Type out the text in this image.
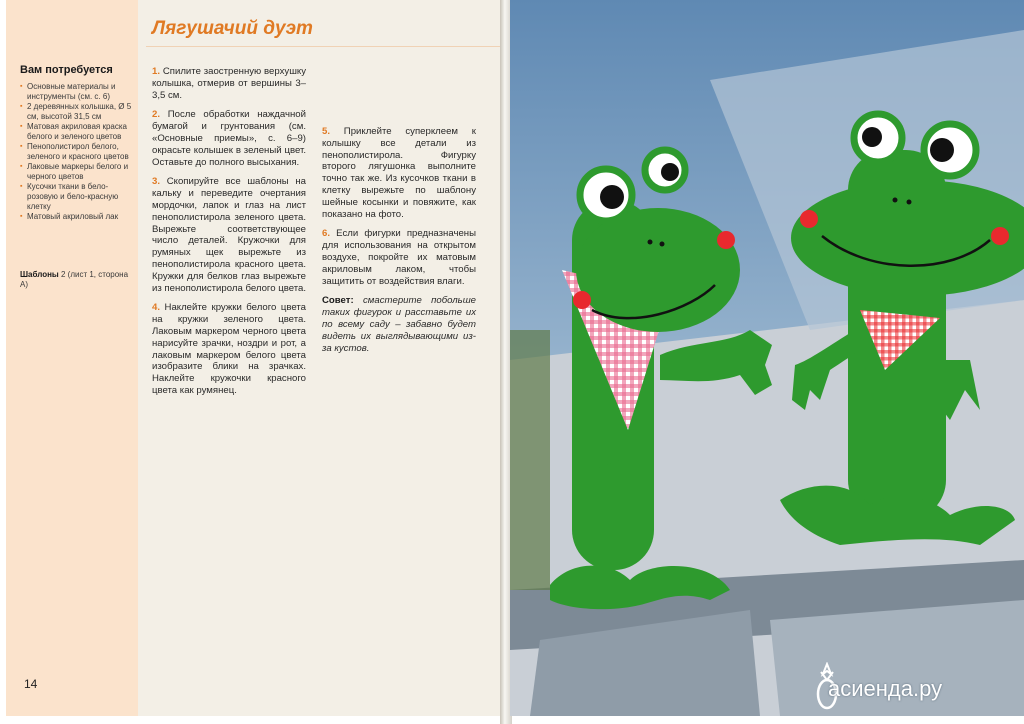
Вам потребуется
▪ Основные материалы и инструменты (см. с. 6)
▪ 2 деревянных колышка, Ø 5 см, высотой 31,5 см
▪ Матовая акриловая краска белого и зеленого цветов
▪ Пенополистирол белого, зеленого и красного цветов
▪ Лаковые маркеры белого и черного цветов
▪ Кусочки ткани в бело-розовую и бело-красную клетку
▪ Матовый акриловый лак
Шаблоны 2 (лист 1, сторона А)
14
Лягушачий дуэт

1. Спилите заостренную верхушку колышка, отмерив от вершины 3–3,5 см.

2. После обработки наждачной бумагой и грунтования (см. «Основные приемы», с. 6–9) окрасьте колышек в зеленый цвет. Оставьте до полного высыхания.

3. Скопируйте все шаблоны на кальку и переведите очертания мордочки, лапок и глаз на лист пенополистирола зеленого цвета. Вырежьте соответствующее число деталей. Кружочки для румяных щек вырежьте из пенополистирола красного цвета. Кружки для белков глаз вырежьте из пенополистирола белого цвета.

4. Наклейте кружки белого цвета на кружки зеленого цвета. Лаковым маркером черного цвета нарисуйте зрачки, ноздри и рот, а лаковым маркером белого цвета изобразите блики на зрачках. Наклейте кружочки красного цвета как румянец.

5. Приклейте суперклеем к колышку все детали из пенополистирола. Фигурку второго лягушонка выполните точно так же. Из кусочков ткани в клетку вырежьте по шаблону шейные косынки и повяжите, как показано на фото.

6. Если фигурки предназначены для использования на открытом воздухе, покройте их матовым акриловым лаком, чтобы защитить от воздействия влаги.

Совет: смастерите побольше таких фигурок и расставьте их по всему саду – забавно будет видеть их выглядывающими из-за кустов.

асиенда.ру
